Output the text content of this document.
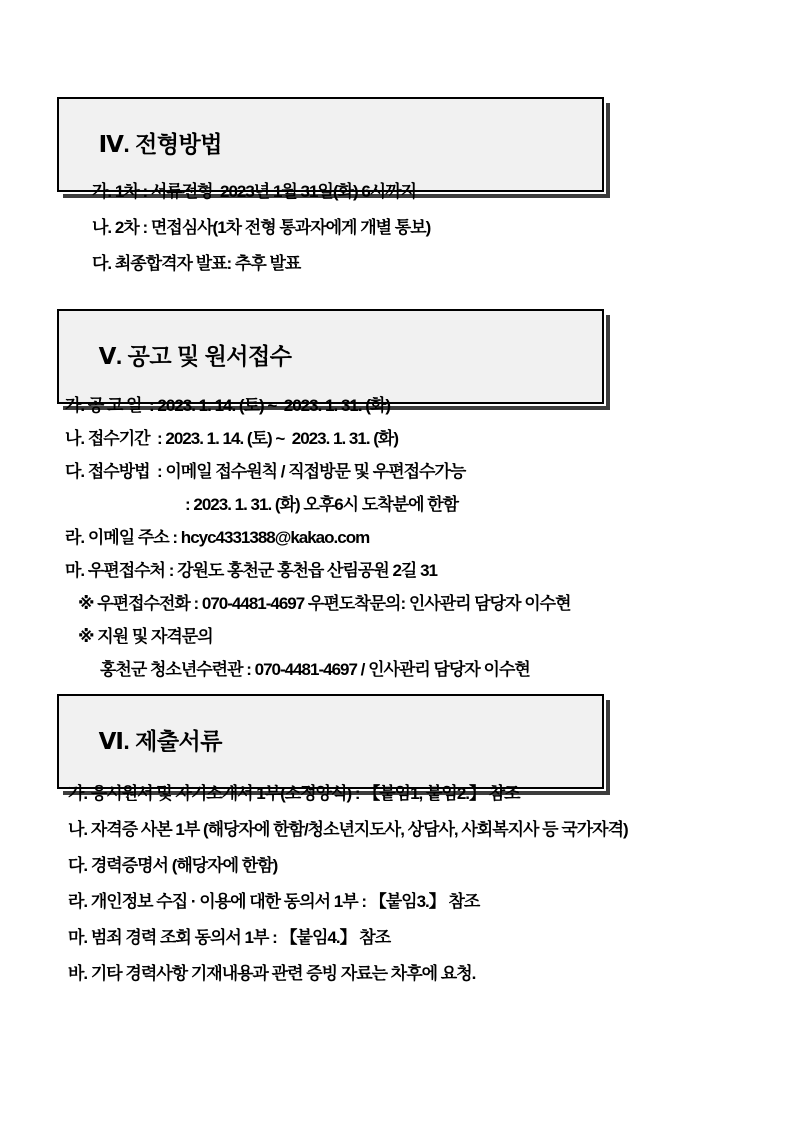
Ⅳ. 전형방법

가. 1차 : 서류전형  2023년 1월 31일(화) 6시까지
나. 2차 : 면접심사(1차 전형 통과자에게 개별 통보)
다. 최종합격자 발표: 추후 발표

Ⅴ. 공고 및 원서접수

가. 공 고 일  : 2023. 1. 14. (토) ~  2023. 1. 31. (화)
나. 접수기간  : 2023. 1. 14. (토) ~  2023. 1. 31. (화)
다. 접수방법  : 이메일 접수원칙 / 직접방문 및 우편접수가능
: 2023. 1. 31. (화) 오후6시 도착분에 한함
라. 이메일 주소 : hcyc4331388@kakao.com
마. 우편접수처 : 강원도 홍천군 홍천읍 산림공원 2길 31
※ 우편접수전화 : 070-4481-4697 우편도착문의: 인사관리 담당자 이수현
※ 지원 및 자격문의
홍천군 청소년수련관 : 070-4481-4697 / 인사관리 담당자 이수현

Ⅵ. 제출서류

가. 응시원서 및 자기소개서 1부(소정양식) : 【붙임1, 붙임2.】 참조
나. 자격증 사본 1부 (해당자에 한함/청소년지도사, 상담사, 사회복지사 등 국가자격)
다. 경력증명서 (해당자에 한함)
라. 개인정보 수집 · 이용에 대한 동의서 1부 : 【붙임3.】 참조
마. 범죄 경력 조회 동의서 1부 : 【붙임4.】 참조
바. 기타 경력사항 기재내용과 관련 증빙 자료는 차후에 요청.
